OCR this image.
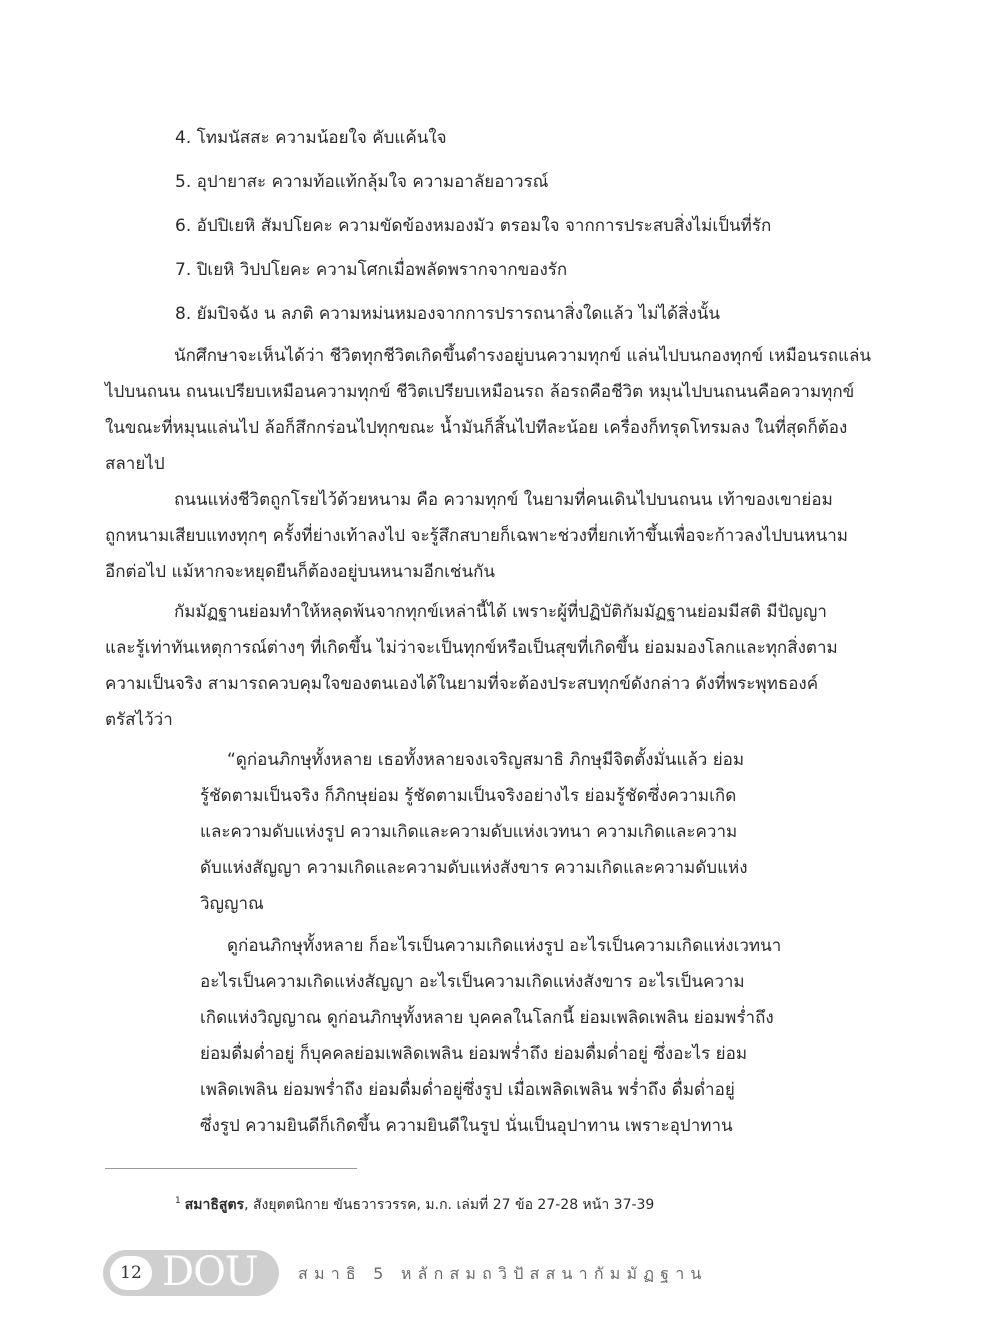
4. โทมนัสสะ ความน้อยใจ คับแค้นใจ
5. อุปายาสะ ความท้อแท้กลุ้มใจ ความอาลัยอาวรณ์
6. อัปปิเยหิ สัมปโยคะ ความขัดข้องหมองมัว ตรอมใจ จากการประสบสิ่งไม่เป็นที่รัก
7. ปิเยหิ วิปปโยคะ ความโศกเมื่อพลัดพรากจากของรัก
8. ยัมปิจฉัง น ลภติ ความหม่นหมองจากการปรารถนาสิ่งใดแล้ว ไม่ได้สิ่งนั้น
นักศึกษาจะเห็นได้ว่า ชีวิตทุกชีวิตเกิดขึ้นดำรงอยู่บนความทุกข์ แล่นไปบนกองทุกข์ เหมือนรถแล่น
ไปบนถนน ถนนเปรียบเหมือนความทุกข์ ชีวิตเปรียบเหมือนรถ ล้อรถคือชีวิต หมุนไปบนถนนคือความทุกข์
ในขณะที่หมุนแล่นไป ล้อก็สึกกร่อนไปทุกขณะ น้ำมันก็สิ้นไปทีละน้อย เครื่องก็ทรุดโทรมลง ในที่สุดก็ต้อง
สลายไป
ถนนแห่งชีวิตถูกโรยไว้ด้วยหนาม คือ ความทุกข์ ในยามที่คนเดินไปบนถนน เท้าของเขาย่อม
ถูกหนามเสียบแทงทุกๆ ครั้งที่ย่างเท้าลงไป จะรู้สึกสบายก็เฉพาะช่วงที่ยกเท้าขึ้นเพื่อจะก้าวลงไปบนหนาม
อีกต่อไป แม้หากจะหยุดยืนก็ต้องอยู่บนหนามอีกเช่นกัน
กัมมัฏฐานย่อมทำให้หลุดพ้นจากทุกข์เหล่านี้ได้ เพราะผู้ที่ปฏิบัติกัมมัฏฐานย่อมมีสติ มีปัญญา
และรู้เท่าทันเหตุการณ์ต่างๆ ที่เกิดขึ้น ไม่ว่าจะเป็นทุกข์หรือเป็นสุขที่เกิดขึ้น ย่อมมองโลกและทุกสิ่งตาม
ความเป็นจริง สามารถควบคุมใจของตนเองได้ในยามที่จะต้องประสบทุกข์ดังกล่าว ดังที่พระพุทธองค์
ตรัสไว้ว่า
“ดูก่อนภิกษุทั้งหลาย เธอทั้งหลายจงเจริญสมาธิ ภิกษุมีจิตตั้งมั่นแล้ว ย่อม
รู้ชัดตามเป็นจริง ก็ภิกษุย่อม รู้ชัดตามเป็นจริงอย่างไร ย่อมรู้ชัดซึ่งความเกิด
และความดับแห่งรูป ความเกิดและความดับแห่งเวทนา ความเกิดและความ
ดับแห่งสัญญา ความเกิดและความดับแห่งสังขาร ความเกิดและความดับแห่ง
วิญญาณ
ดูก่อนภิกษุทั้งหลาย ก็อะไรเป็นความเกิดแห่งรูป อะไรเป็นความเกิดแห่งเวทนา
อะไรเป็นความเกิดแห่งสัญญา อะไรเป็นความเกิดแห่งสังขาร อะไรเป็นความ
เกิดแห่งวิญญาณ ดูก่อนภิกษุทั้งหลาย บุคคลในโลกนี้ ย่อมเพลิดเพลิน ย่อมพร่ำถึง
ย่อมดื่มด่ำอยู่ ก็บุคคลย่อมเพลิดเพลิน ย่อมพร่ำถึง ย่อมดื่มด่ำอยู่ ซึ่งอะไร ย่อม
เพลิดเพลิน ย่อมพร่ำถึง ย่อมดื่มด่ำอยู่ซึ่งรูป เมื่อเพลิดเพลิน พร่ำถึง ดื่มด่ำอยู่
ซึ่งรูป ความยินดีก็เกิดขึ้น ความยินดีในรูป นั่นเป็นอุปาทาน เพราะอุปาทาน
$^1$ สมาธิสูตร, สังยุตตนิกาย ขันธวารวรรค, ม.ก. เล่มที่ 27 ข้อ 27-28 หน้า 37-39
12 DOU	สมาธิ 5 หลักสมถวิปัสสนากัมมัฏฐาน
